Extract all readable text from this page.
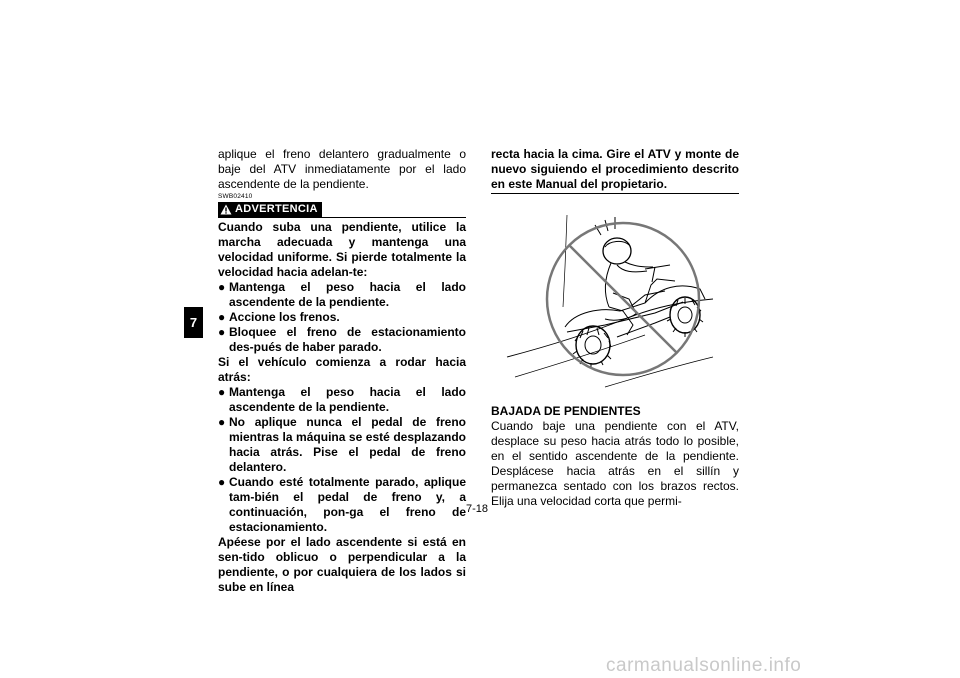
7

aplique el freno delantero gradualmente o baje del ATV inmediatamente por el lado ascendente de la pendiente.

SWB02410
ADVERTENCIA

Cuando suba una pendiente, utilice la marcha adecuada y mantenga una velocidad uniforme. Si pierde totalmente la velocidad hacia adelan-te:

● Mantenga el peso hacia el lado ascendente de la pendiente.
● Accione los frenos.
● Bloquee el freno de estacionamiento des-pués de haber parado.

Si el vehículo comienza a rodar hacia atrás:

● Mantenga el peso hacia el lado ascendente de la pendiente.
● No aplique nunca el pedal de freno mientras la máquina se esté desplazando hacia atrás. Pise el pedal de freno delantero.
● Cuando esté totalmente parado, aplique tam-bién el pedal de freno y, a continuación, pon-ga el freno de estacionamiento.

Apéese por el lado ascendente si está en sen-tido oblicuo o perpendicular a la pendiente, o por cualquiera de los lados si sube en línea

recta hacia la cima. Gire el ATV y monte de nuevo siguiendo el procedimiento descrito en este Manual del propietario.

BAJADA DE PENDIENTES

Cuando baje una pendiente con el ATV, desplace su peso hacia atrás todo lo posible, en el sentido ascendente de la pendiente. Desplácese hacia atrás en el sillín y permanezca sentado con los brazos rectos. Elija una velocidad corta que permi-

7-18
carmanualsonline.info
